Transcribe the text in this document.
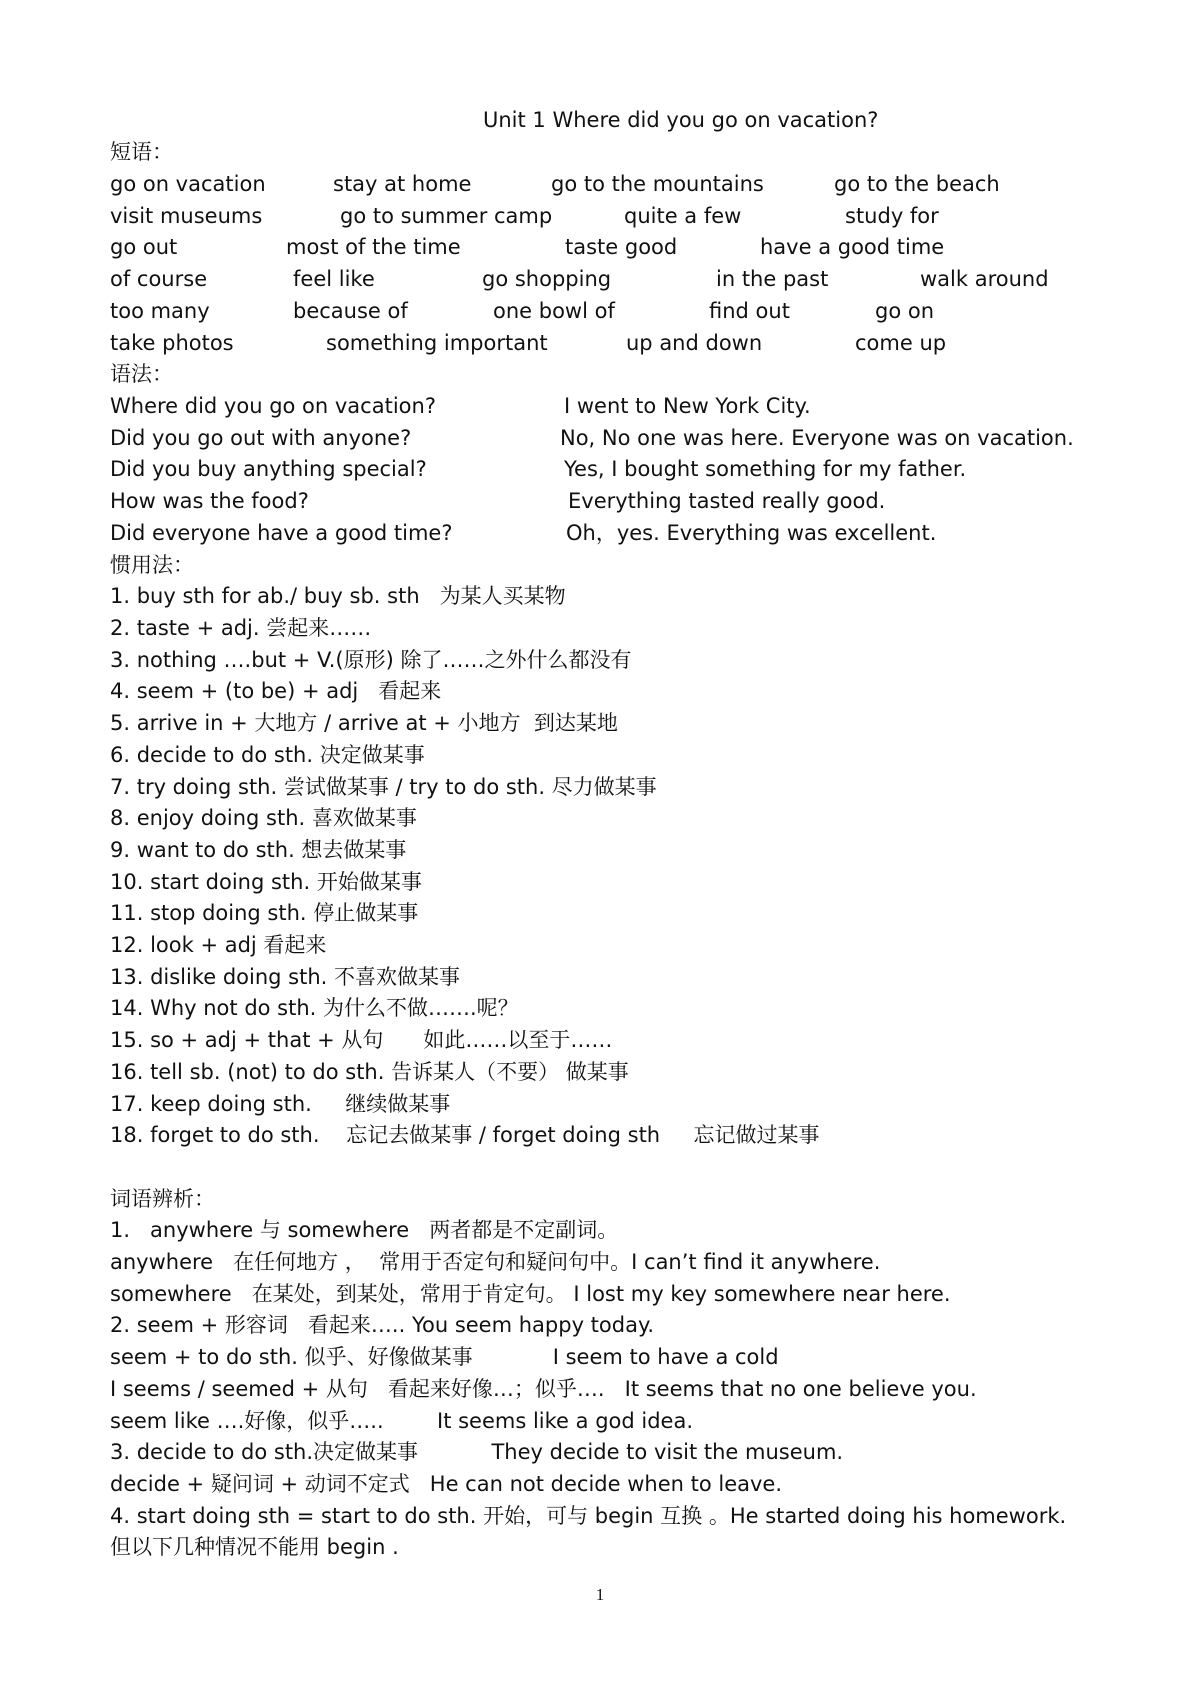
Unit 1 Where did you go on vacation?
短语：
go on vacation	stay at home	go to the mountains	go to the beach
visit museums	go to summer camp	quite a few	study for
go out	most of the time	taste good	have a good time
of course	feel like	go shopping	in the past	walk around
too many	because of	one bowl of	find out	go on
take photos	something important	up and down	come up
语法：
Where did you go on vacation?	I went to New York City.
Did you go out with anyone?	No, No one was here. Everyone was on vacation.
Did you buy anything special?	Yes, I bought something for my father.
How was the food?	Everything tasted really good.
Did everyone have a good time?	Oh，yes. Everything was excellent.
惯用法：
1. buy sth for ab./ buy sb. sth   为某人买某物
2. taste + adj. 尝起来……
3. nothing ….but + V.(原形) 除了……之外什么都没有
4. seem + (to be) + adj   看起来
5. arrive in + 大地方 / arrive at + 小地方  到达某地
6. decide to do sth. 决定做某事
7. try doing sth. 尝试做某事 / try to do sth. 尽力做某事
8. enjoy doing sth. 喜欢做某事
9. want to do sth. 想去做某事
10. start doing sth. 开始做某事
11. stop doing sth. 停止做某事
12. look + adj 看起来
13. dislike doing sth. 不喜欢做某事
14. Why not do sth. 为什么不做…….呢？
15. so + adj + that + 从句      如此……以至于……
16. tell sb. (not) to do sth. 告诉某人（不要） 做某事
17. keep doing sth.     继续做某事
18. forget to do sth.    忘记去做某事 / forget doing sth     忘记做过某事
词语辨析：
1.   anywhere 与 somewhere   两者都是不定副词。
anywhere   在任何地方 ，  常用于否定句和疑问句中。I can’t find it anywhere.
somewhere   在某处，到某处，常用于肯定句。 I lost my key somewhere near here.
2. seem + 形容词   看起来….. You seem happy today.
seem + to do sth. 似乎、好像做某事            I seem to have a cold
I seems / seemed + 从句   看起来好像…；似乎….   It seems that no one believe you.
seem like ….好像，似乎…..        It seems like a god idea.
3. decide to do sth.决定做某事           They decide to visit the museum.
decide + 疑问词 + 动词不定式   He can not decide when to leave.
4. start doing sth = start to do sth. 开始，可与 begin 互换 。He started doing his homework.
但以下几种情况不能用 begin .
1
